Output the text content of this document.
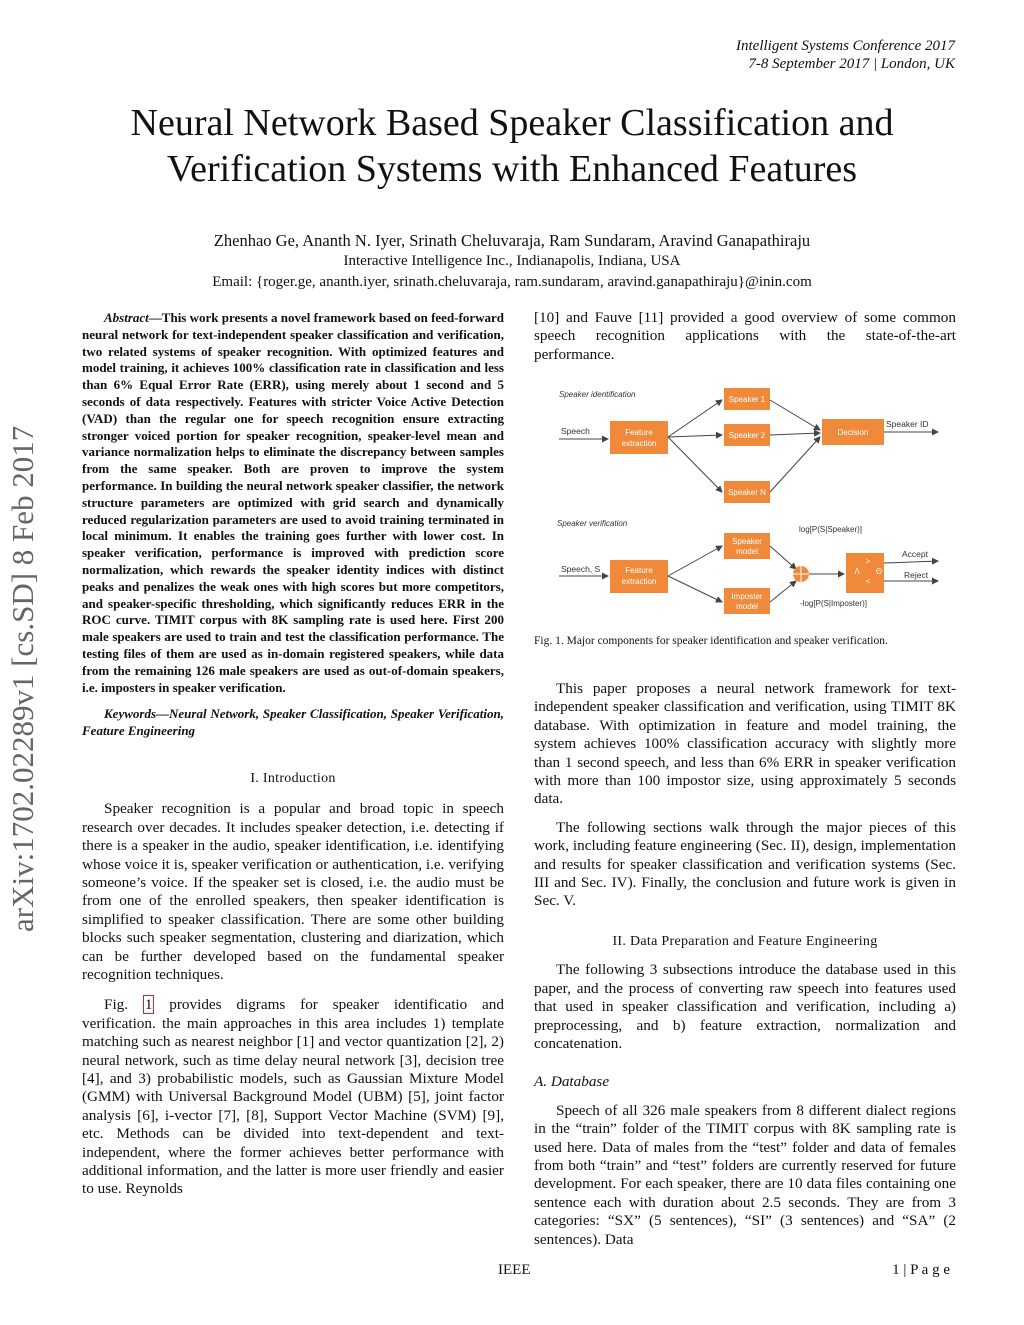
arXiv:1702.02289v1 [cs.SD] 8 Feb 2017
Intelligent Systems Conference 2017
7-8 September 2017 | London, UK
Neural Network Based Speaker Classification and
Verification Systems with Enhanced Features
Zhenhao Ge, Ananth N. Iyer, Srinath Cheluvaraja, Ram Sundaram, Aravind Ganapathiraju
Interactive Intelligence Inc., Indianapolis, Indiana, USA
Email: {roger.ge, ananth.iyer, srinath.cheluvaraja, ram.sundaram, aravind.ganapathiraju}@inin.com

Abstract—This work presents a novel framework based on feed-forward neural network for text-independent speaker classification and verification, two related systems of speaker recognition. With optimized features and model training, it achieves 100% classification rate in classification and less than 6% Equal Error Rate (ERR), using merely about 1 second and 5 seconds of data respectively. Features with stricter Voice Active Detection (VAD) than the regular one for speech recognition ensure extracting stronger voiced portion for speaker recognition, speaker-level mean and variance normalization helps to eliminate the discrepancy between samples from the same speaker. Both are proven to improve the system performance. In building the neural network speaker classifier, the network structure parameters are optimized with grid search and dynamically reduced regularization parameters are used to avoid training terminated in local minimum. It enables the training goes further with lower cost. In speaker verification, performance is improved with prediction score normalization, which rewards the speaker identity indices with distinct peaks and penalizes the weak ones with high scores but more competitors, and speaker-specific thresholding, which significantly reduces ERR in the ROC curve. TIMIT corpus with 8K sampling rate is used here. First 200 male speakers are used to train and test the classification performance. The testing files of them are used as in-domain registered speakers, while data from the remaining 126 male speakers are used as out-of-domain speakers, i.e. imposters in speaker verification.

Keywords—Neural Network, Speaker Classification, Speaker Verification, Feature Engineering

I. Introduction

Speaker recognition is a popular and broad topic in speech research over decades. It includes speaker detection, i.e. detecting if there is a speaker in the audio, speaker identification, i.e. identifying whose voice it is, speaker verification or authentication, i.e. verifying someone’s voice. If the speaker set is closed, i.e. the audio must be from one of the enrolled speakers, then speaker identification is simplified to speaker classification. There are some other building blocks such speaker segmentation, clustering and diarization, which can be further developed based on the fundamental speaker recognition techniques.

Fig. 1 provides digrams for speaker identificatio and verification. the main approaches in this area includes 1) template matching such as nearest neighbor [1] and vector quantization [2], 2) neural network, such as time delay neural network [3], decision tree [4], and 3) probabilistic models, such as Gaussian Mixture Model (GMM) with Universal Background Model (UBM) [5], joint factor analysis [6], i-vector [7], [8], Support Vector Machine (SVM) [9], etc. Methods can be divided into text-dependent and text-independent, where the former achieves better performance with additional information, and the latter is more user friendly and easier to use. Reynolds

[10] and Fauve [11] provided a good overview of some common speech recognition applications with the state-of-the-art performance.

Speaker identification
Speech	Feature
extraction
Speaker 1
Speaker 2
Speaker N
Decision
Speaker ID
Speaker verification
Speech, S	Feature
extraction
Speaker
model
Imposter
model
log[P(S|Speaker)]
-log[P(S|Imposter)]
>
Λ Θ
<
Accept
Reject
Fig. 1. Major components for speaker identification and speaker verification.

This paper proposes a neural network framework for text-independent speaker classification and verification, using TIMIT 8K database. With optimization in feature and model training, the system achieves 100% classification accuracy with slightly more than 1 second speech, and less than 6% ERR in speaker verification with more than 100 impostor size, using approximately 5 seconds data.

The following sections walk through the major pieces of this work, including feature engineering (Sec. II), design, implementation and results for speaker classification and verification systems (Sec. III and Sec. IV). Finally, the conclusion and future work is given in Sec. V.

II. Data Preparation and Feature Engineering

The following 3 subsections introduce the database used in this paper, and the process of converting raw speech into features used that used in speaker classification and verification, including a) preprocessing, and b) feature extraction, normalization and concatenation.

A. Database

Speech of all 326 male speakers from 8 different dialect regions in the “train” folder of the TIMIT corpus with 8K sampling rate is used here. Data of males from the “test” folder and data of females from both “train” and “test” folders are currently reserved for future development. For each speaker, there are 10 data files containing one sentence each with duration about 2.5 seconds. They are from 3 categories: “SX” (5 sentences), “SI” (3 sentences) and “SA” (2 sentences). Data

IEEE	1 | P a g e
